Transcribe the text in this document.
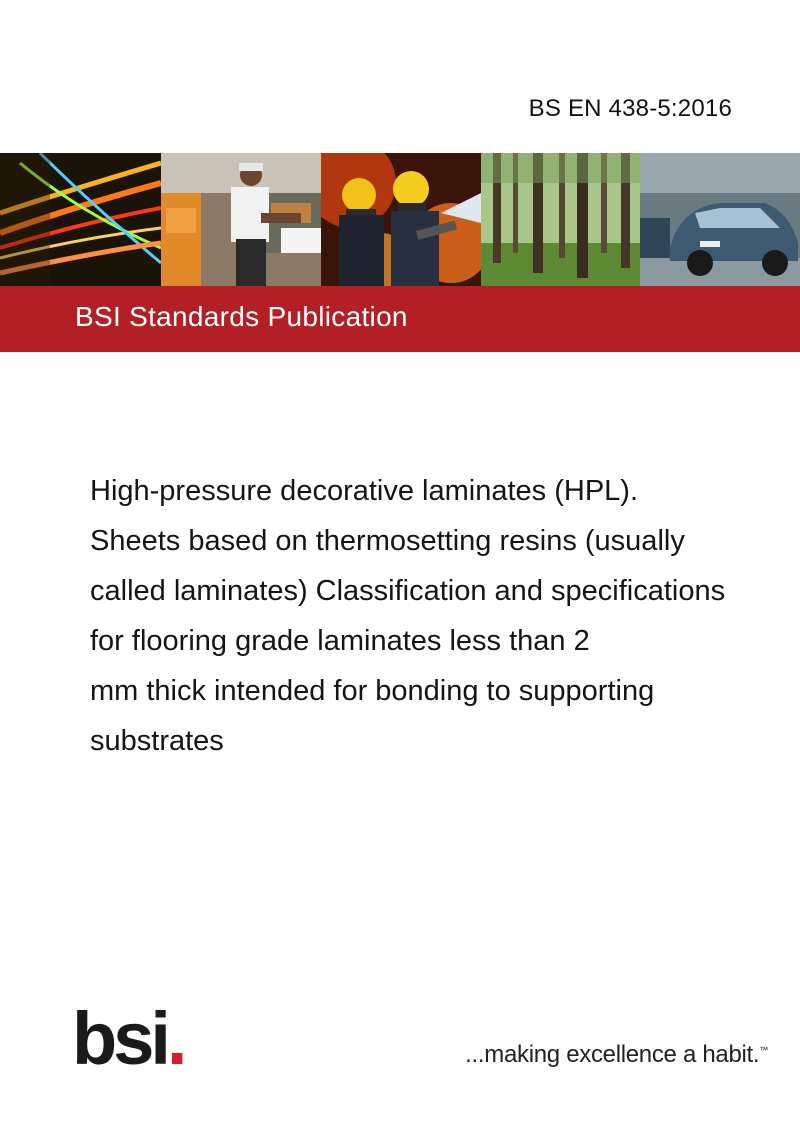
BS EN 438-5:2016
BSI Standards Publication
High-pressure decorative laminates (HPL).
Sheets based on thermosetting resins (usually
called laminates) Classification and specifications
for flooring grade laminates less than 2
mm thick intended for bonding to supporting
substrates
bsi.	...making excellence a habit.™
